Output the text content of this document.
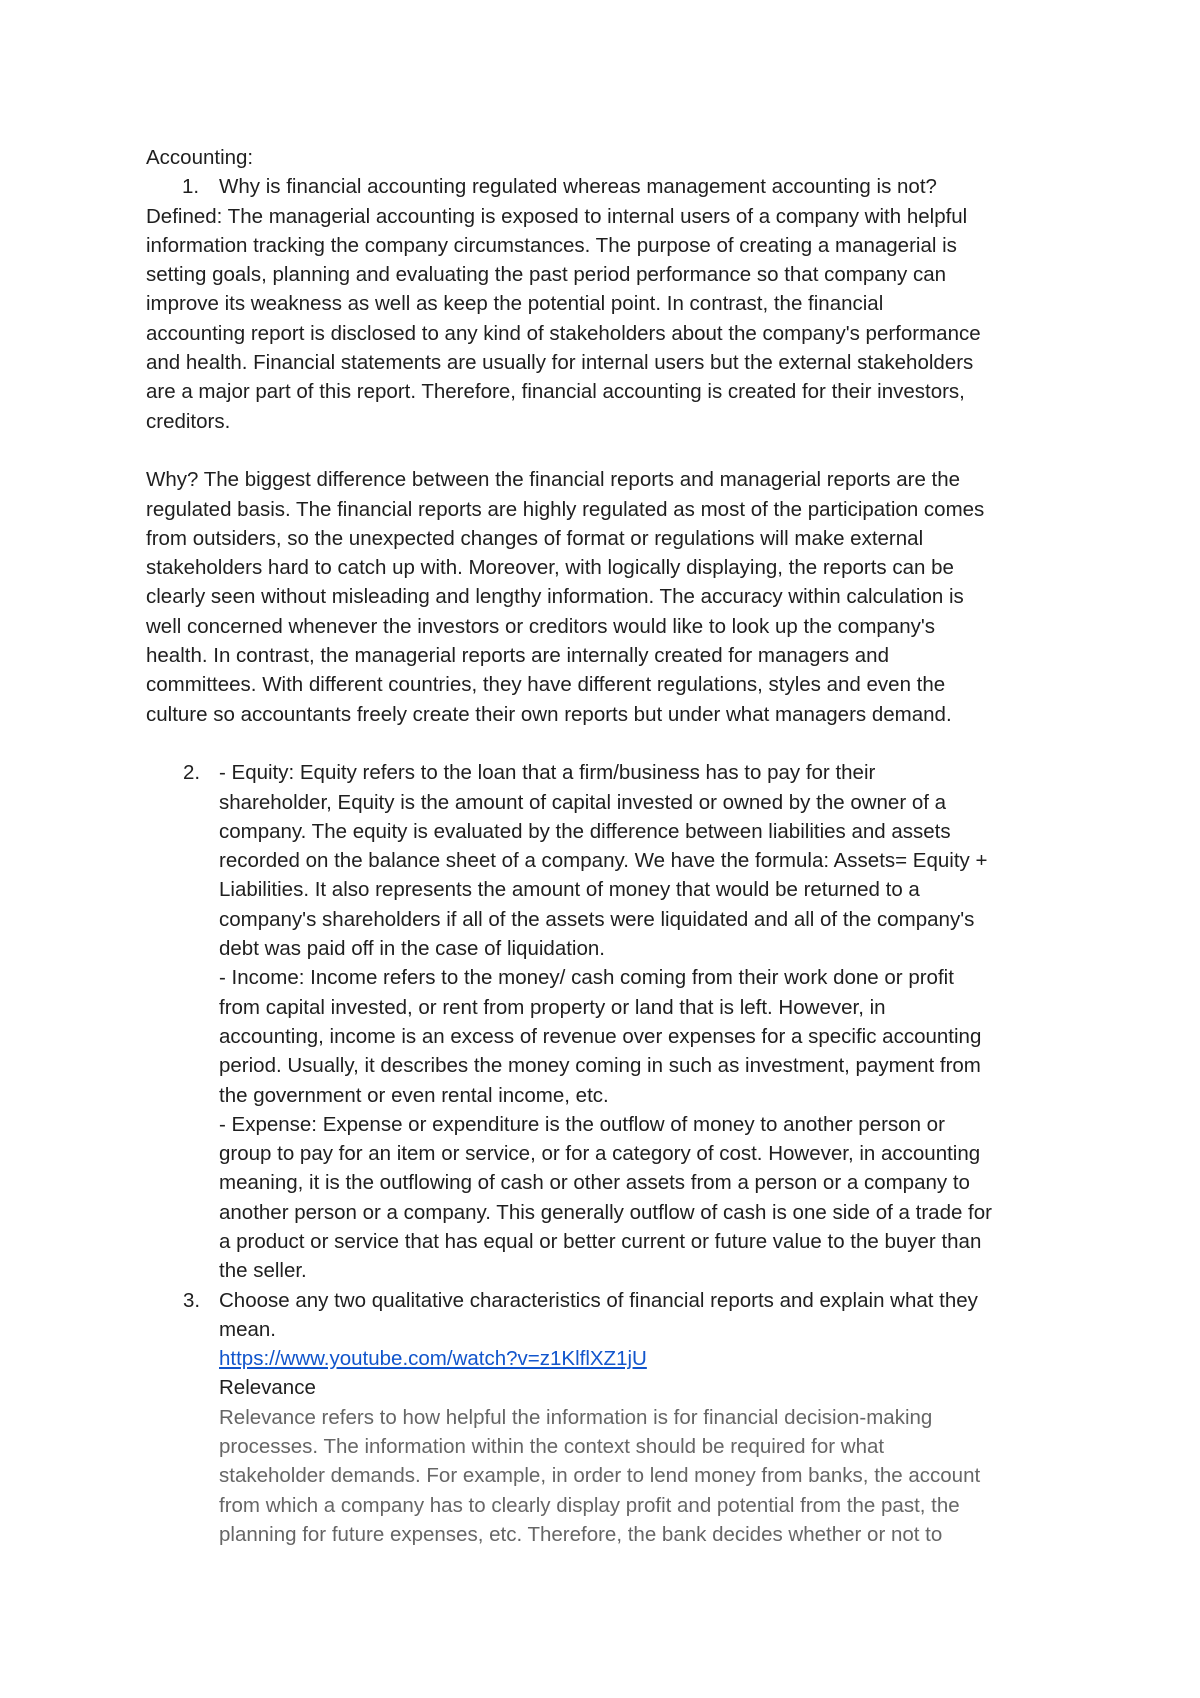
Accounting:
1. Why is financial accounting regulated whereas management accounting is not?
Defined: The managerial accounting is exposed to internal users of a company with helpful
information tracking the company circumstances. The purpose of creating a managerial is
setting goals, planning and evaluating the past period performance so that company can
improve its weakness as well as keep the potential point. In contrast, the financial
accounting report is disclosed to any kind of stakeholders about the company's performance
and health. Financial statements are usually for internal users but the external stakeholders
are a major part of this report. Therefore, financial accounting is created for their investors,
creditors.
Why? The biggest difference between the financial reports and managerial reports are the
regulated basis. The financial reports are highly regulated as most of the participation comes
from outsiders, so the unexpected changes of format or regulations will make external
stakeholders hard to catch up with. Moreover, with logically displaying, the reports can be
clearly seen without misleading and lengthy information. The accuracy within calculation is
well concerned whenever the investors or creditors would like to look up the company's
health. In contrast, the managerial reports are internally created for managers and
committees. With different countries, they have different regulations, styles and even the
culture so accountants freely create their own reports but under what managers demand.
2. - Equity: Equity refers to the loan that a firm/business has to pay for their
shareholder, Equity is the amount of capital invested or owned by the owner of a
company. The equity is evaluated by the difference between liabilities and assets
recorded on the balance sheet of a company. We have the formula: Assets= Equity +
Liabilities. It also represents the amount of money that would be returned to a
company's shareholders if all of the assets were liquidated and all of the company's
debt was paid off in the case of liquidation.
- Income: Income refers to the money/ cash coming from their work done or profit
from capital invested, or rent from property or land that is left. However, in
accounting, income is an excess of revenue over expenses for a specific accounting
period. Usually, it describes the money coming in such as investment, payment from
the government or even rental income, etc.
- Expense: Expense or expenditure is the outflow of money to another person or
group to pay for an item or service, or for a category of cost. However, in accounting
meaning, it is the outflowing of cash or other assets from a person or a company to
another person or a company. This generally outflow of cash is one side of a trade for
a product or service that has equal or better current or future value to the buyer than
the seller.
3. Choose any two qualitative characteristics of financial reports and explain what they
mean.
https://www.youtube.com/watch?v=z1KlflXZ1jU
Relevance
Relevance refers to how helpful the information is for financial decision-making
processes. The information within the context should be required for what
stakeholder demands. For example, in order to lend money from banks, the account
from which a company has to clearly display profit and potential from the past, the
planning for future expenses, etc. Therefore, the bank decides whether or not to
